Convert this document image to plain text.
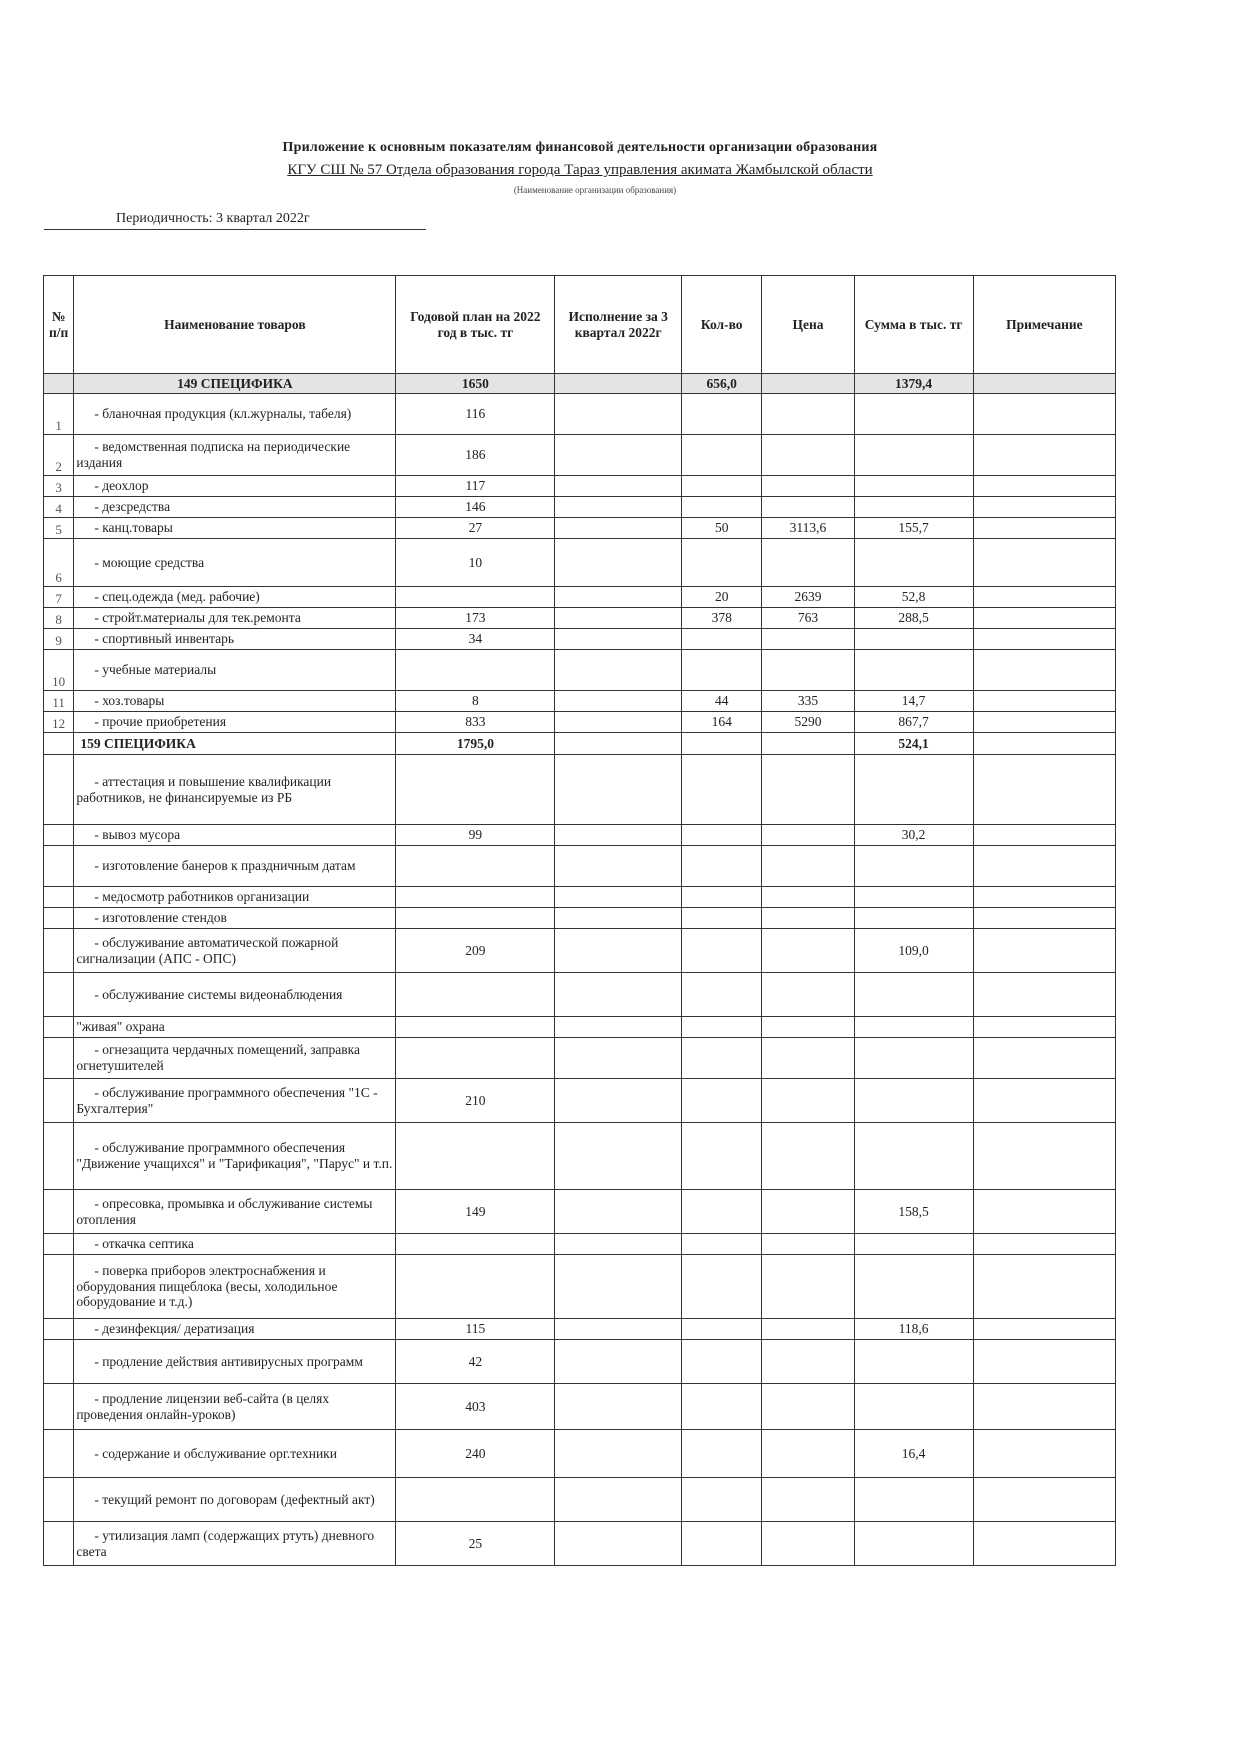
Приложение к основным показателям финансовой деятельности организации образования
КГУ СШ № 57 Отдела образования города Тараз управления акимата Жамбылской области
(Наименование организации образования)
Периодичность: 3 квартал 2022г
№ п/п	Наименование товаров	Годовой план на 2022 год в тыс. тг	Исполнение за 3 квартал 2022г	Кол-во	Цена	Сумма в тыс. тг	Примечание
	149 СПЕЦИФИКА	1650		656,0		1379,4	
1	- бланочная продукция (кл.журналы, табеля)	116					
2	- ведомственная подписка на периодические издания	186					
3	- деохлор	117					
4	- дезсредства	146					
5	- канц.товары	27		50	3113,6	155,7	
6	- моющие средства	10					
7	- спец.одежда (мед. рабочие)			20	2639	52,8	
8	- стройт.материалы для тек.ремонта	173		378	763	288,5	
9	- спортивный инвентарь	34					
10	- учебные материалы						
11	- хоз.товары	8		44	335	14,7	
12	- прочие приобретения	833		164	5290	867,7	
	159 СПЕЦИФИКА	1795,0				524,1	
	- аттестация и повышение квалификации работников, не финансируемые из РБ						
	- вывоз мусора	99				30,2	
	- изготовление банеров к праздничным датам						
	- медосмотр работников организации						
	- изготовление стендов						
	- обслуживание автоматической пожарной сигнализации (АПС - ОПС)	209				109,0	
	- обслуживание системы видеонаблюдения						
	"живая" охрана						
	- огнезащита чердачных помещений, заправка огнетушителей						
	- обслуживание программного обеспечения "1С - Бухгалтерия"	210					
	- обслуживание программного обеспечения "Движение учащихся" и "Тарификация", "Парус" и т.п.						
	- опресовка, промывка и обслуживание системы отопления	149				158,5	
	- откачка септика						
	- поверка приборов электроснабжения и оборудования пищеблока (весы, холодильное оборудование и т.д.)						
	- дезинфекция/ дератизация	115				118,6	
	- продление действия антивирусных программ	42					
	- продление лицензии веб-сайта (в целях проведения онлайн-уроков)	403					
	- содержание и обслуживание орг.техники	240				16,4	
	- текущий ремонт по договорам (дефектный акт)						
	- утилизация ламп (содержащих ртуть) дневного света	25					
